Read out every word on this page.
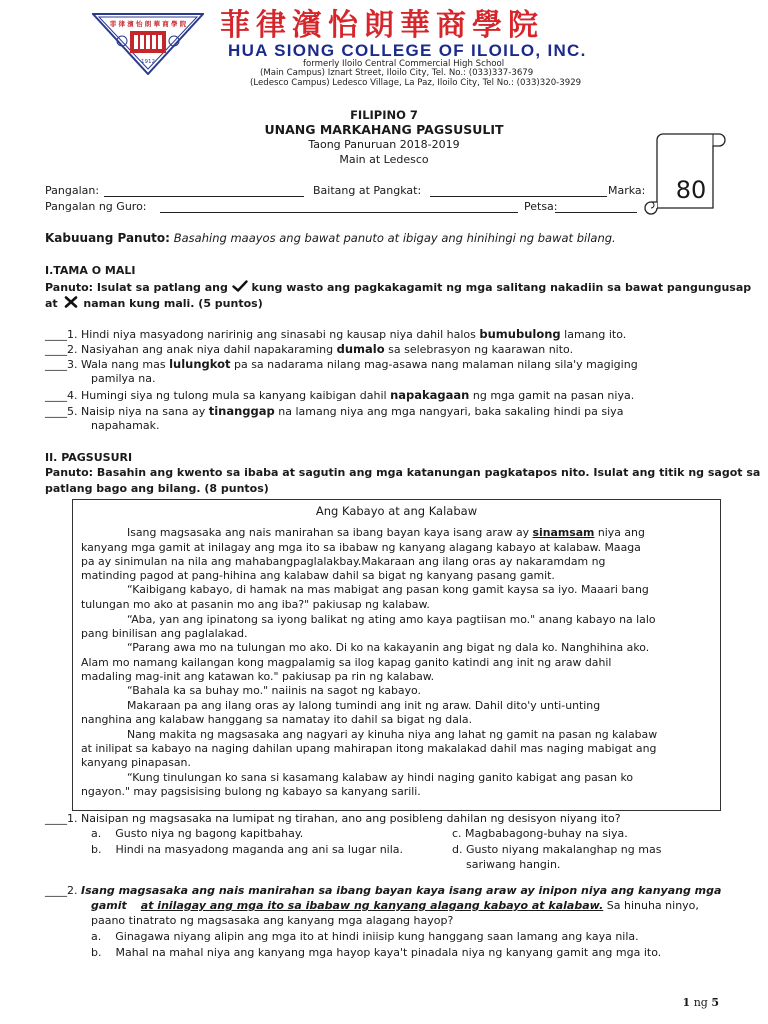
菲 律 濱 怡 朗 華 商 學 院
1912
菲律濱怡朗華商學院
HUA SIONG COLLEGE OF ILOILO, INC.
formerly Iloilo Central Commercial High School
(Main Campus) Iznart Street, Iloilo City, Tel. No.: (033)337-3679
(Ledesco Campus) Ledesco Village, La Paz, Iloilo City, Tel No.: (033)320-3929
FILIPINO 7
UNANG MARKAHANG PAGSUSULIT
Taong Panuruan 2018-2019
Main at Ledesco
80
Pangalan:	Baitang at Pangkat:	Marka:
Pangalan ng Guro:	Petsa:
Kabuuang Panuto: Basahing maayos ang bawat panuto at ibigay ang hinihingi ng bawat bilang.
I.TAMA O MALI
Panuto: Isulat sa patlang ang kung wasto ang pagkakagamit ng mga salitang nakadiin sa bawat pangungusap
at naman kung mali. (5 puntos)
____1. Hindi niya masyadong naririnig ang sinasabi ng kausap niya dahil halos bumubulong lamang ito.
____2. Nasiyahan ang anak niya dahil napakaraming dumalo sa selebrasyon ng kaarawan nito.
____3. Wala nang mas lulungkot pa sa nadarama nilang mag-asawa nang malaman nilang sila'y magiging
pamilya na.
____4. Humingi siya ng tulong mula sa kanyang kaibigan dahil napakagaan ng mga gamit na pasan niya.
____5. Naisip niya na sana ay tinanggap na lamang niya ang mga nangyari, baka sakaling hindi pa siya
napahamak.
II. PAGSUSURI
Panuto: Basahin ang kwento sa ibaba at sagutin ang mga katanungan pagkatapos nito. Isulat ang titik ng sagot sa
patlang bago ang bilang. (8 puntos)
Ang Kabayo at ang Kalabaw
Isang magsasaka ang nais manirahan sa ibang bayan kaya isang araw ay sinamsam niya ang
kanyang mga gamit at inilagay ang mga ito sa ibabaw ng kanyang alagang kabayo at kalabaw. Maaga
pa ay sinimulan na nila ang mahabangpaglalakbay.Makaraan ang ilang oras ay nakaramdam ng
matinding pagod at pang-hihina ang kalabaw dahil sa bigat ng kanyang pasang gamit.
“Kaibigang kabayo, di hamak na mas mabigat ang pasan kong gamit kaysa sa iyo. Maaari bang
tulungan mo ako at pasanin mo ang iba?" pakiusap ng kalabaw.
“Aba, yan ang ipinatong sa iyong balikat ng ating amo kaya pagtiisan mo." anang kabayo na lalo
pang binilisan ang paglalakad.
“Parang awa mo na tulungan mo ako. Di ko na kakayanin ang bigat ng dala ko. Nanghihina ako.
Alam mo namang kailangan kong magpalamig sa ilog kapag ganito katindi ang init ng araw dahil
madaling mag-init ang katawan ko." pakiusap pa rin ng kalabaw.
“Bahala ka sa buhay mo." naiinis na sagot ng kabayo.
Makaraan pa ang ilang oras ay lalong tumindi ang init ng araw. Dahil dito'y unti-unting
nanghina ang kalabaw hanggang sa namatay ito dahil sa bigat ng dala.
Nang makita ng magsasaka ang nagyari ay kinuha niya ang lahat ng gamit na pasan ng kalabaw
at inilipat sa kabayo na naging dahilan upang mahirapan itong makalakad dahil mas naging mabigat ang
kanyang pinapasan.
“Kung tinulungan ko sana si kasamang kalabaw ay hindi naging ganito kabigat ang pasan ko
ngayon." may pagsisising bulong ng kabayo sa kanyang sarili.
____1. Naisipan ng magsasaka na lumipat ng tirahan, ano ang posibleng dahilan ng desisyon niyang ito?
a. Gusto niya ng bagong kapitbahay.	c. Magbabagong-buhay na siya.
b. Hindi na masyadong maganda ang ani sa lugar nila.	d. Gusto niyang makalanghap ng mas
sariwang hangin.
____2. Isang magsasaka ang nais manirahan sa ibang bayan kaya isang araw ay inipon niya ang kanyang mga
gamit at inilagay ang mga ito sa ibabaw ng kanyang alagang kabayo at kalabaw. Sa hinuha ninyo,
paano tinatrato ng magsasaka ang kanyang mga alagang hayop?
a. Ginagawa niyang alipin ang mga ito at hindi iniisip kung hanggang saan lamang ang kaya nila.
b. Mahal na mahal niya ang kanyang mga hayop kaya't pinadala niya ng kanyang gamit ang mga ito.
1 ng 5
